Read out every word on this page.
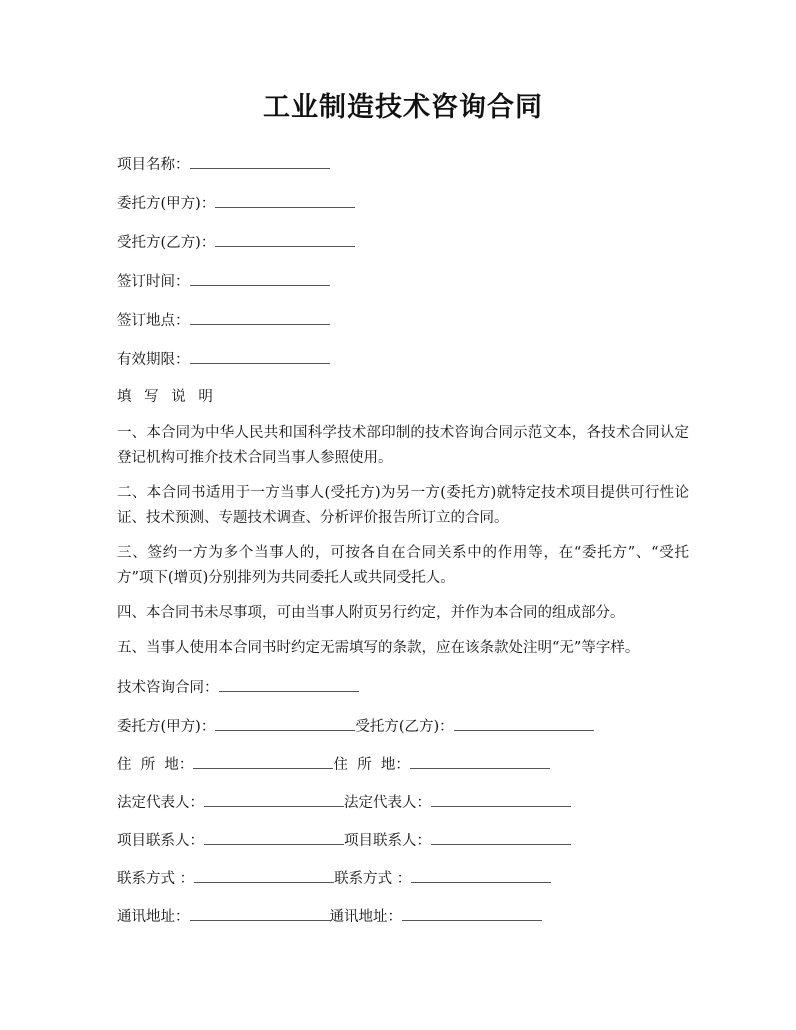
工业制造技术咨询合同
项目名称：
委托方(甲方)：
受托方(乙方)：
签订时间：
签订地点：
有效期限：
填 写 说 明

一、本合同为中华人民共和国科学技术部印制的技术咨询合同示范文本，各技术合同认定登记机构可推介技术合同当事人参照使用。

二、本合同书适用于一方当事人(受托方)为另一方(委托方)就特定技术项目提供可行性论证、技术预测、专题技术调查、分析评价报告所订立的合同。

三、签约一方为多个当事人的，可按各自在合同关系中的作用等，在“委托方”、“受托方”项下(增页)分别排列为共同委托人或共同受托人。

四、本合同书未尽事项，可由当事人附页另行约定，并作为本合同的组成部分。

五、当事人使用本合同书时约定无需填写的条款，应在该条款处注明“无”等字样。

技术咨询合同：
委托方(甲方)：	受托方(乙方)：
住  所  地：	住  所  地：
法定代表人：	法定代表人：
项目联系人：	项目联系人：
联系方式 ：	联系方式 ：
通讯地址：	通讯地址：
